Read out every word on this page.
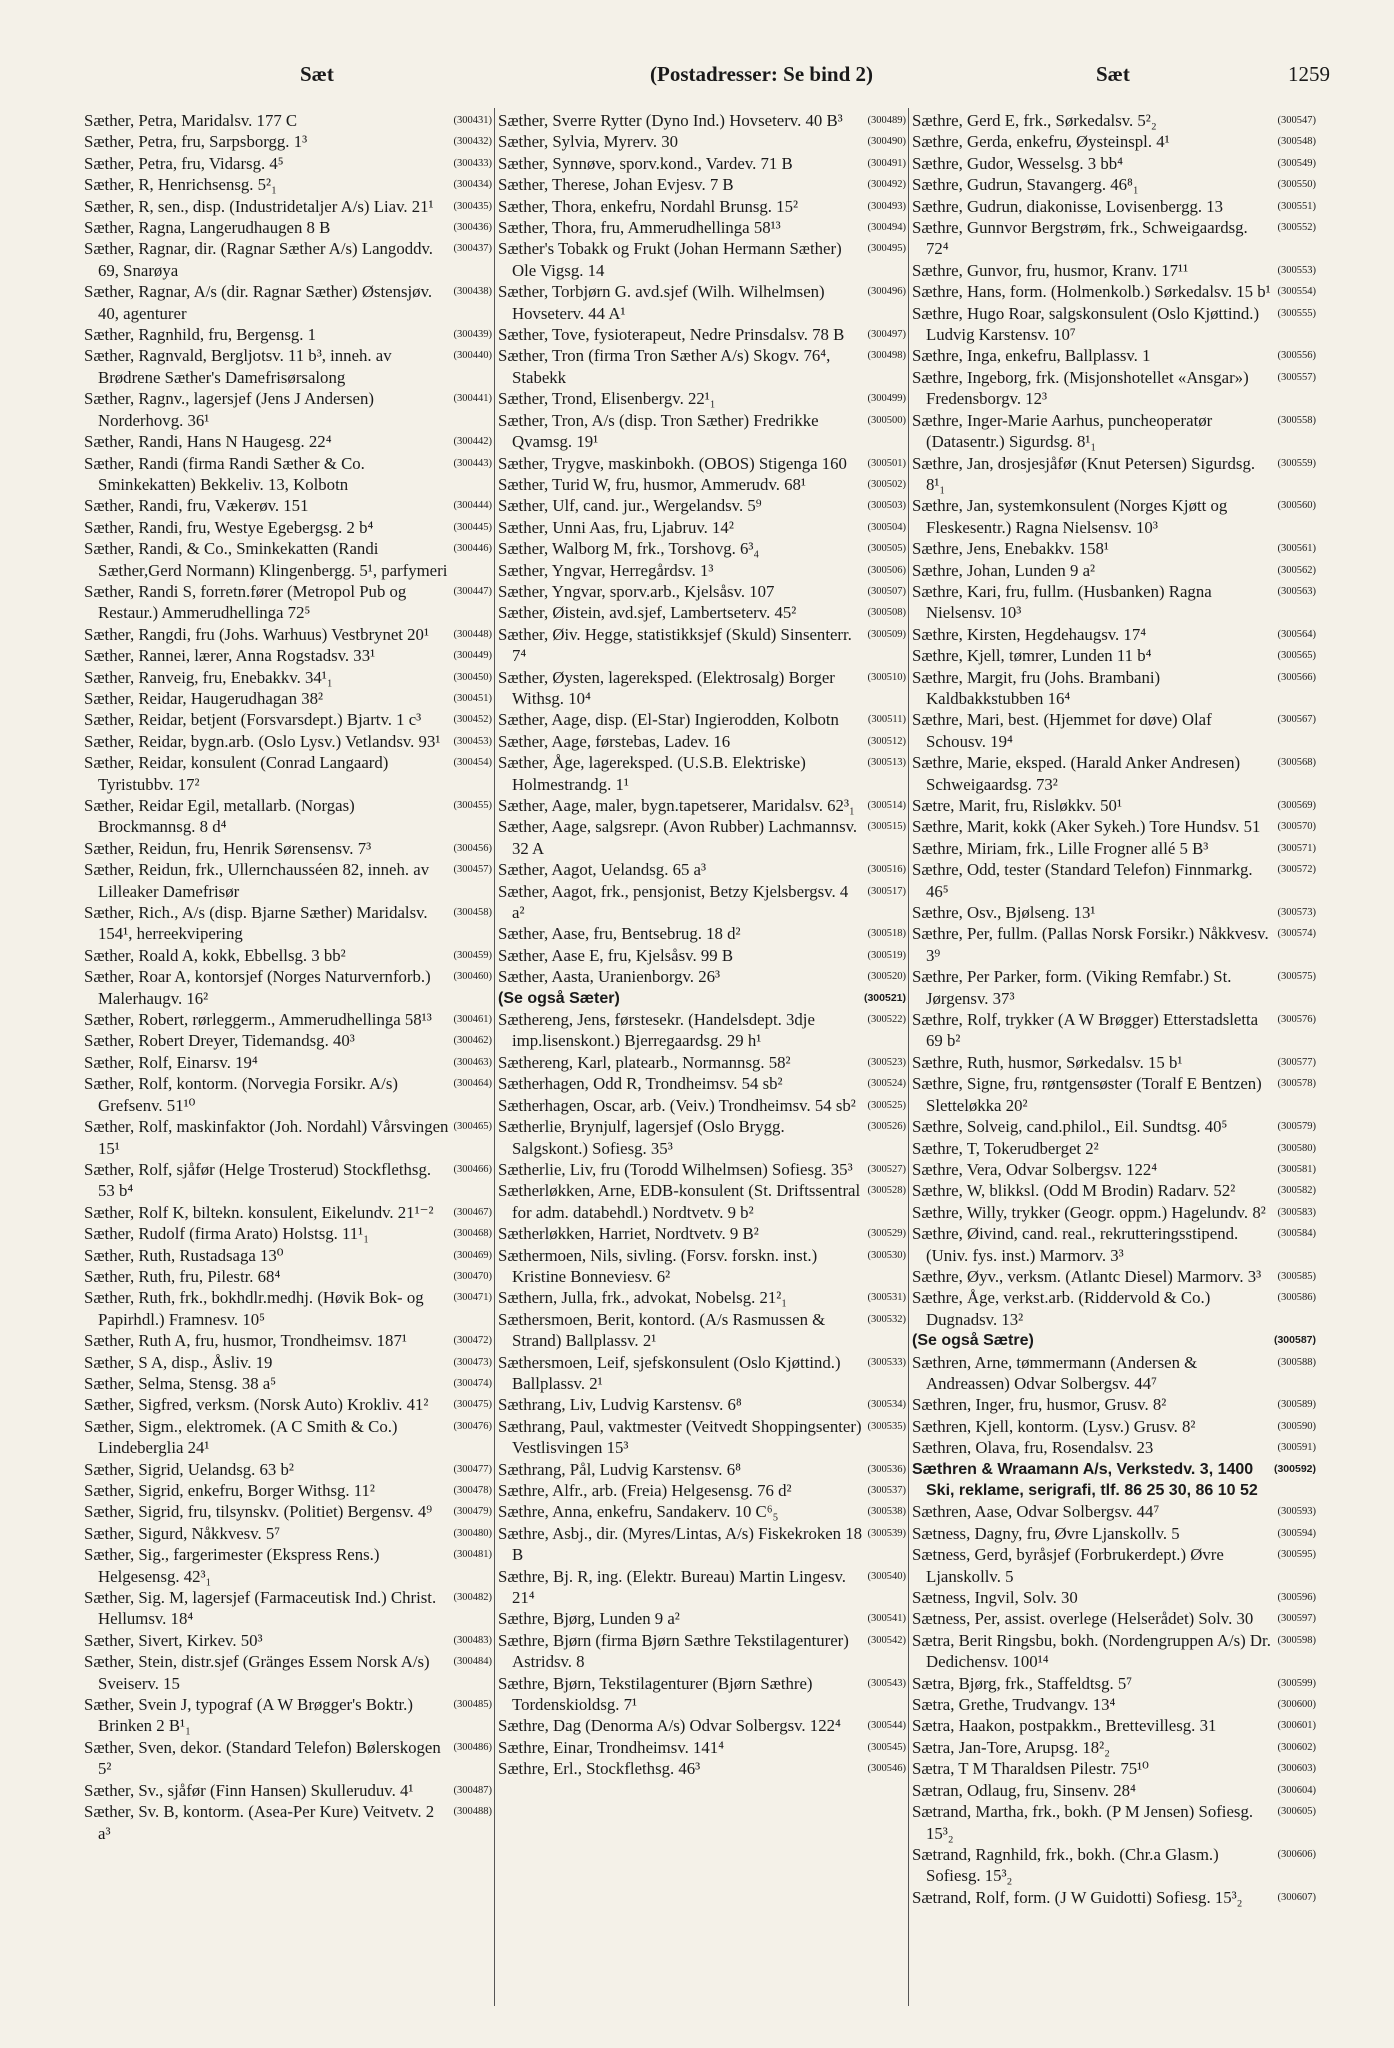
Sæt	(Postadresser: Se bind 2)	Sæt	1259
(300431)
Sæther, Petra, Maridalsv. 177 C
(300432)
Sæther, Petra, fru, Sarpsborgg. 1³
(300433)
Sæther, Petra, fru, Vidarsg. 4⁵
(300434)
Sæther, R, Henrichsensg. 5²₁
(300435)
Sæther, R, sen., disp. (Industridetaljer A/s) Liav. 21¹
(300436)
Sæther, Ragna, Langerudhaugen 8 B
(300437)
Sæther, Ragnar, dir. (Ragnar Sæther A/s) Langoddv. 69, Snarøya
(300438)
Sæther, Ragnar, A/s (dir. Ragnar Sæther) Østensjøv. 40, agenturer
(300439)
Sæther, Ragnhild, fru, Bergensg. 1
(300440)
Sæther, Ragnvald, Bergljotsv. 11 b³, inneh. av Brødrene Sæther's Damefrisørsalong
(300441)
Sæther, Ragnv., lagersjef (Jens J Andersen) Norderhovg. 36¹
(300442)
Sæther, Randi, Hans N Haugesg. 22⁴
(300443)
Sæther, Randi (firma Randi Sæther & Co. Sminkekatten) Bekkeliv. 13, Kolbotn
(300444)
Sæther, Randi, fru, Vækerøv. 151
(300445)
Sæther, Randi, fru, Westye Egebergsg. 2 b⁴
(300446)
Sæther, Randi, & Co., Sminkekatten (Randi Sæther,Gerd Normann) Klingenbergg. 5¹, parfymeri
(300447)
Sæther, Randi S, forretn.fører (Metropol Pub og Restaur.) Ammerudhellinga 72⁵
(300448)
Sæther, Rangdi, fru (Johs. Warhuus) Vestbrynet 20¹
(300449)
Sæther, Rannei, lærer, Anna Rogstadsv. 33¹
(300450)
Sæther, Ranveig, fru, Enebakkv. 34¹₁
(300451)
Sæther, Reidar, Haugerudhagan 38²
(300452)
Sæther, Reidar, betjent (Forsvarsdept.) Bjartv. 1 c³
(300453)
Sæther, Reidar, bygn.arb. (Oslo Lysv.) Vetlandsv. 93¹
(300454)
Sæther, Reidar, konsulent (Conrad Langaard) Tyristubbv. 17²
(300455)
Sæther, Reidar Egil, metallarb. (Norgas) Brockmannsg. 8 d⁴
(300456)
Sæther, Reidun, fru, Henrik Sørensensv. 7³
(300457)
Sæther, Reidun, frk., Ullernchausséen 82, inneh. av Lilleaker Damefrisør
(300458)
Sæther, Rich., A/s (disp. Bjarne Sæther) Maridalsv. 154¹, herreekvipering
(300459)
Sæther, Roald A, kokk, Ebbellsg. 3 bb²
(300460)
Sæther, Roar A, kontorsjef (Norges Naturvernforb.) Malerhaugv. 16²
(300461)
Sæther, Robert, rørleggerm., Ammerudhellinga 58¹³
(300462)
Sæther, Robert Dreyer, Tidemandsg. 40³
(300463)
Sæther, Rolf, Einarsv. 19⁴
(300464)
Sæther, Rolf, kontorm. (Norvegia Forsikr. A/s) Grefsenv. 51¹⁰
(300465)
Sæther, Rolf, maskinfaktor (Joh. Nordahl) Vårsvingen 15¹
(300466)
Sæther, Rolf, sjåfør (Helge Trosterud) Stockflethsg. 53 b⁴
(300467)
Sæther, Rolf K, biltekn. konsulent, Eikelundv. 21¹⁻²
(300468)
Sæther, Rudolf (firma Arato) Holstsg. 11¹₁
(300469)
Sæther, Ruth, Rustadsaga 13⁰
(300470)
Sæther, Ruth, fru, Pilestr. 68⁴
(300471)
Sæther, Ruth, frk., bokhdlr.medhj. (Høvik Bok- og Papirhdl.) Framnesv. 10⁵
(300472)
Sæther, Ruth A, fru, husmor, Trondheimsv. 187¹
(300473)
Sæther, S A, disp., Åsliv. 19
(300474)
Sæther, Selma, Stensg. 38 a⁵
(300475)
Sæther, Sigfred, verksm. (Norsk Auto) Krokliv. 41²
(300476)
Sæther, Sigm., elektromek. (A C Smith & Co.) Lindeberglia 24¹
(300477)
Sæther, Sigrid, Uelandsg. 63 b²
(300478)
Sæther, Sigrid, enkefru, Borger Withsg. 11²
(300479)
Sæther, Sigrid, fru, tilsynskv. (Politiet) Bergensv. 4⁹
(300480)
Sæther, Sigurd, Nåkkvesv. 5⁷
(300481)
Sæther, Sig., fargerimester (Ekspress Rens.) Helgesensg. 42³₁
(300482)
Sæther, Sig. M, lagersjef (Farmaceutisk Ind.) Christ. Hellumsv. 18⁴
(300483)
Sæther, Sivert, Kirkev. 50³
(300484)
Sæther, Stein, distr.sjef (Gränges Essem Norsk A/s) Sveiserv. 15
(300485)
Sæther, Svein J, typograf (A W Brøgger's Boktr.) Brinken 2 B¹₁
(300486)
Sæther, Sven, dekor. (Standard Telefon) Bølerskogen 5²
(300487)
Sæther, Sv., sjåfør (Finn Hansen) Skulleruduv. 4¹
(300488)
Sæther, Sv. B, kontorm. (Asea-Per Kure) Veitvetv. 2 a³
(300489)
Sæther, Sverre Rytter (Dyno Ind.) Hovseterv. 40 B³
(300490)
Sæther, Sylvia, Myrerv. 30
(300491)
Sæther, Synnøve, sporv.kond., Vardev. 71 B
(300492)
Sæther, Therese, Johan Evjesv. 7 B
(300493)
Sæther, Thora, enkefru, Nordahl Brunsg. 15²
(300494)
Sæther, Thora, fru, Ammerudhellinga 58¹³
(300495)
Sæther's Tobakk og Frukt (Johan Hermann Sæther) Ole Vigsg. 14
(300496)
Sæther, Torbjørn G. avd.sjef (Wilh. Wilhelmsen) Hovseterv. 44 A¹
(300497)
Sæther, Tove, fysioterapeut, Nedre Prinsdalsv. 78 B
(300498)
Sæther, Tron (firma Tron Sæther A/s) Skogv. 76⁴, Stabekk
(300499)
Sæther, Trond, Elisenbergv. 22¹₁
(300500)
Sæther, Tron, A/s (disp. Tron Sæther) Fredrikke Qvamsg. 19¹
(300501)
Sæther, Trygve, maskinbokh. (OBOS) Stigenga 160
(300502)
Sæther, Turid W, fru, husmor, Ammerudv. 68¹
(300503)
Sæther, Ulf, cand. jur., Wergelandsv. 5⁹
(300504)
Sæther, Unni Aas, fru, Ljabruv. 14²
(300505)
Sæther, Walborg M, frk., Torshovg. 6³₄
(300506)
Sæther, Yngvar, Herregårdsv. 1³
(300507)
Sæther, Yngvar, sporv.arb., Kjelsåsv. 107
(300508)
Sæther, Øistein, avd.sjef, Lambertseterv. 45²
(300509)
Sæther, Øiv. Hegge, statistikksjef (Skuld) Sinsenterr. 7⁴
(300510)
Sæther, Øysten, lagereksped. (Elektrosalg) Borger Withsg. 10⁴
(300511)
Sæther, Aage, disp. (El-Star) Ingierodden, Kolbotn
(300512)
Sæther, Aage, førstebas, Ladev. 16
(300513)
Sæther, Åge, lagereksped. (U.S.B. Elektriske) Holmestrandg. 1¹
(300514)
Sæther, Aage, maler, bygn.tapetserer, Maridalsv. 62³₁
(300515)
Sæther, Aage, salgsrepr. (Avon Rubber) Lachmannsv. 32 A
(300516)
Sæther, Aagot, Uelandsg. 65 a³
(300517)
Sæther, Aagot, frk., pensjonist, Betzy Kjelsbergsv. 4 a²
(300518)
Sæther, Aase, fru, Bentsebrug. 18 d²
(300519)
Sæther, Aase E, fru, Kjelsåsv. 99 B
(300520)
Sæther, Aasta, Uranienborgv. 26³
(300521)
(Se også Sæter)
(300522)
Sæthereng, Jens, førstesekr. (Handelsdept. 3dje imp.lisenskont.) Bjerregaardsg. 29 h¹
(300523)
Sæthereng, Karl, platearb., Normannsg. 58²
(300524)
Sætherhagen, Odd R, Trondheimsv. 54 sb²
(300525)
Sætherhagen, Oscar, arb. (Veiv.) Trondheimsv. 54 sb²
(300526)
Sætherlie, Brynjulf, lagersjef (Oslo Brygg. Salgskont.) Sofiesg. 35³
(300527)
Sætherlie, Liv, fru (Torodd Wilhelmsen) Sofiesg. 35³
(300528)
Sætherløkken, Arne, EDB-konsulent (St. Driftssentral for adm. databehdl.) Nordtvetv. 9 b²
(300529)
Sætherløkken, Harriet, Nordtvetv. 9 B²
(300530)
Sæthermoen, Nils, sivling. (Forsv. forskn. inst.) Kristine Bonneviesv. 6²
(300531)
Sæthern, Julla, frk., advokat, Nobelsg. 21²₁
(300532)
Sæthersmoen, Berit, kontord. (A/s Rasmussen & Strand) Ballplassv. 2¹
(300533)
Sæthersmoen, Leif, sjefskonsulent (Oslo Kjøttind.) Ballplassv. 2¹
(300534)
Sæthrang, Liv, Ludvig Karstensv. 6⁸
(300535)
Sæthrang, Paul, vaktmester (Veitvedt Shoppingsenter) Vestlisvingen 15³
(300536)
Sæthrang, Pål, Ludvig Karstensv. 6⁸
(300537)
Sæthre, Alfr., arb. (Freia) Helgesensg. 76 d²
(300538)
Sæthre, Anna, enkefru, Sandakerv. 10 C⁶₅
(300539)
Sæthre, Asbj., dir. (Myres/Lintas, A/s) Fiskekroken 18 B
(300540)
Sæthre, Bj. R, ing. (Elektr. Bureau) Martin Lingesv. 21⁴
(300541)
Sæthre, Bjørg, Lunden 9 a²
(300542)
Sæthre, Bjørn (firma Bjørn Sæthre Tekstilagenturer) Astridsv. 8
(300543)
Sæthre, Bjørn, Tekstilagenturer (Bjørn Sæthre) Tordenskioldsg. 7¹
(300544)
Sæthre, Dag (Denorma A/s) Odvar Solbergsv. 122⁴
(300545)
Sæthre, Einar, Trondheimsv. 141⁴
(300546)
Sæthre, Erl., Stockflethsg. 46³
(300547)
Sæthre, Gerd E, frk., Sørkedalsv. 5²₂
(300548)
Sæthre, Gerda, enkefru, Øysteinspl. 4¹
(300549)
Sæthre, Gudor, Wesselsg. 3 bb⁴
(300550)
Sæthre, Gudrun, Stavangerg. 46⁸₁
(300551)
Sæthre, Gudrun, diakonisse, Lovisenbergg. 13
(300552)
Sæthre, Gunnvor Bergstrøm, frk., Schweigaardsg. 72⁴
(300553)
Sæthre, Gunvor, fru, husmor, Kranv. 17¹¹
(300554)
Sæthre, Hans, form. (Holmenkolb.) Sørkedalsv. 15 b¹
(300555)
Sæthre, Hugo Roar, salgskonsulent (Oslo Kjøttind.) Ludvig Karstensv. 10⁷
(300556)
Sæthre, Inga, enkefru, Ballplassv. 1
(300557)
Sæthre, Ingeborg, frk. (Misjonshotellet «Ansgar») Fredensborgv. 12³
(300558)
Sæthre, Inger-Marie Aarhus, puncheoperatør (Datasentr.) Sigurdsg. 8¹₁
(300559)
Sæthre, Jan, drosjesjåfør (Knut Petersen) Sigurdsg. 8¹₁
(300560)
Sæthre, Jan, systemkonsulent (Norges Kjøtt og Fleskesentr.) Ragna Nielsensv. 10³
(300561)
Sæthre, Jens, Enebakkv. 158¹
(300562)
Sæthre, Johan, Lunden 9 a²
(300563)
Sæthre, Kari, fru, fullm. (Husbanken) Ragna Nielsensv. 10³
(300564)
Sæthre, Kirsten, Hegdehaugsv. 17⁴
(300565)
Sæthre, Kjell, tømrer, Lunden 11 b⁴
(300566)
Sæthre, Margit, fru (Johs. Brambani) Kaldbakkstubben 16⁴
(300567)
Sæthre, Mari, best. (Hjemmet for døve) Olaf Schousv. 19⁴
(300568)
Sæthre, Marie, eksped. (Harald Anker Andresen) Schweigaardsg. 73²
(300569)
Sætre, Marit, fru, Risløkkv. 50¹
(300570)
Sæthre, Marit, kokk (Aker Sykeh.) Tore Hundsv. 51
(300571)
Sæthre, Miriam, frk., Lille Frogner allé 5 B³
(300572)
Sæthre, Odd, tester (Standard Telefon) Finnmarkg. 46⁵
(300573)
Sæthre, Osv., Bjølseng. 13¹
(300574)
Sæthre, Per, fullm. (Pallas Norsk Forsikr.) Nåkkvesv. 3⁹
(300575)
Sæthre, Per Parker, form. (Viking Remfabr.) St. Jørgensv. 37³
(300576)
Sæthre, Rolf, trykker (A W Brøgger) Etterstadsletta 69 b²
(300577)
Sæthre, Ruth, husmor, Sørkedalsv. 15 b¹
(300578)
Sæthre, Signe, fru, røntgensøster (Toralf E Bentzen) Sletteløkka 20²
(300579)
Sæthre, Solveig, cand.philol., Eil. Sundtsg. 40⁵
(300580)
Sæthre, T, Tokerudberget 2²
(300581)
Sæthre, Vera, Odvar Solbergsv. 122⁴
(300582)
Sæthre, W, blikksl. (Odd M Brodin) Radarv. 52²
(300583)
Sæthre, Willy, trykker (Geogr. oppm.) Hagelundv. 8²
(300584)
Sæthre, Øivind, cand. real., rekrutteringsstipend. (Univ. fys. inst.) Marmorv. 3³
(300585)
Sæthre, Øyv., verksm. (Atlantc Diesel) Marmorv. 3³
(300586)
Sæthre, Åge, verkst.arb. (Riddervold & Co.) Dugnadsv. 13²
(300587)
(Se også Sætre)
(300588)
Sæthren, Arne, tømmermann (Andersen & Andreassen) Odvar Solbergsv. 44⁷
(300589)
Sæthren, Inger, fru, husmor, Grusv. 8²
(300590)
Sæthren, Kjell, kontorm. (Lysv.) Grusv. 8²
(300591)
Sæthren, Olava, fru, Rosendalsv. 23
(300592)
Sæthren & Wraamann A/s, Verkstedv. 3, 1400 Ski, reklame, serigrafi, tlf. 86 25 30, 86 10 52
(300593)
Sæthren, Aase, Odvar Solbergsv. 44⁷
(300594)
Sætness, Dagny, fru, Øvre Ljanskollv. 5
(300595)
Sætness, Gerd, byråsjef (Forbrukerdept.) Øvre Ljanskollv. 5
(300596)
Sætness, Ingvil, Solv. 30
(300597)
Sætness, Per, assist. overlege (Helserådet) Solv. 30
(300598)
Sætra, Berit Ringsbu, bokh. (Nordengruppen A/s) Dr. Dedichensv. 100¹⁴
(300599)
Sætra, Bjørg, frk., Staffeldtsg. 5⁷
(300600)
Sætra, Grethe, Trudvangv. 13⁴
(300601)
Sætra, Haakon, postpakkm., Brettevillesg. 31
(300602)
Sætra, Jan-Tore, Arupsg. 18²₂
(300603)
Sætra, T M Tharaldsen Pilestr. 75¹⁰
(300604)
Sætran, Odlaug, fru, Sinsenv. 28⁴
(300605)
Sætrand, Martha, frk., bokh. (P M Jensen) Sofiesg. 15³₂
(300606)
Sætrand, Ragnhild, frk., bokh. (Chr.a Glasm.) Sofiesg. 15³₂
(300607)
Sætrand, Rolf, form. (J W Guidotti) Sofiesg. 15³₂
